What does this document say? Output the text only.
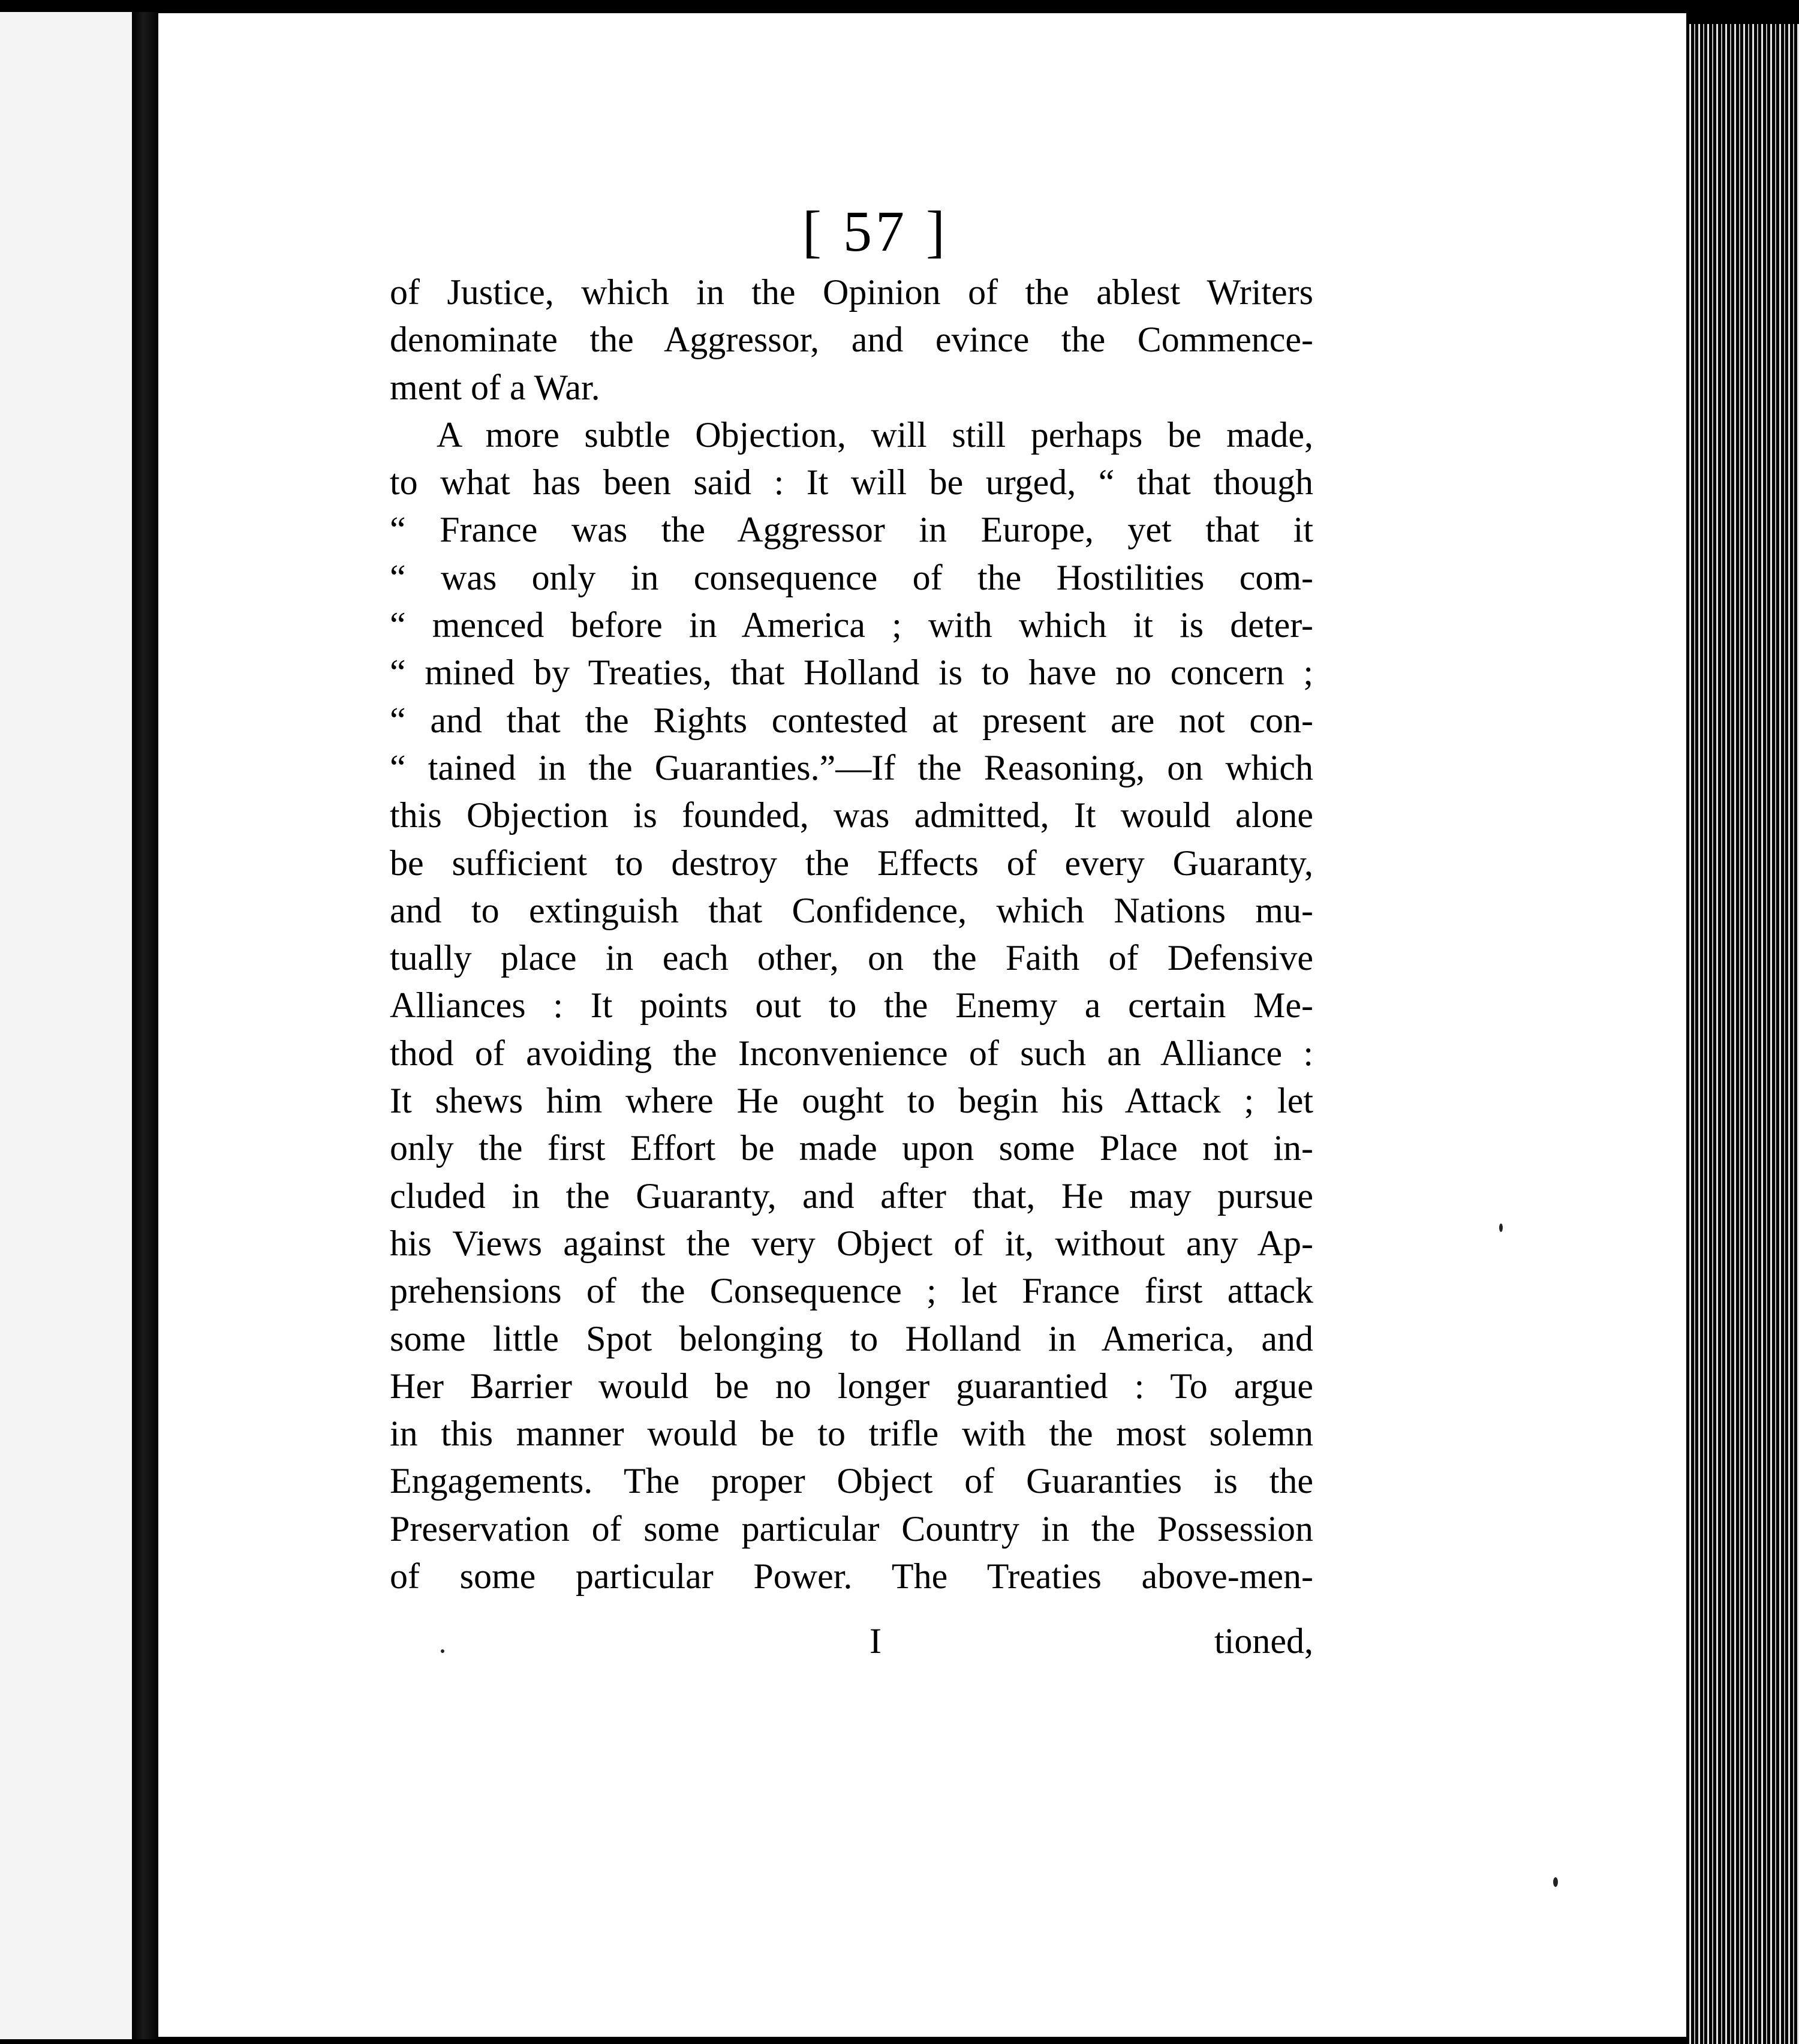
[ 57 ]
of Justice, which in the Opinion of the ablest Writers
denominate the Aggressor, and evince the Commence-
ment of a War.
A more subtle Objection, will still perhaps be made,
to what has been said : It will be urged, “ that though
“ France was the Aggressor in Europe, yet that it
“ was only in consequence of the Hostilities com-
“ menced before in America ; with which it is deter-
“ mined by Treaties, that Holland is to have no concern ;
“ and that the Rights contested at present are not con-
“ tained in the Guaranties.”—If the Reasoning, on which
this Objection is founded, was admitted, It would alone
be sufficient to destroy the Effects of every Guaranty,
and to extinguish that Confidence, which Nations mu-
tually place in each other, on the Faith of Defensive
Alliances : It points out to the Enemy a certain Me-
thod of avoiding the Inconvenience of such an Alliance :
It shews him where He ought to begin his Attack ; let
only the first Effort be made upon some Place not in-
cluded in the Guaranty, and after that, He may pursue
his Views against the very Object of it, without any Ap-
prehensions of the Consequence ; let France first attack
some little Spot belonging to Holland in America, and
Her Barrier would be no longer guarantied : To argue
in this manner would be to trifle with the most solemn
Engagements. The proper Object of Guaranties is the
Preservation of some particular Country in the Possession
of some particular Power. The Treaties above-men-
I	tioned,
